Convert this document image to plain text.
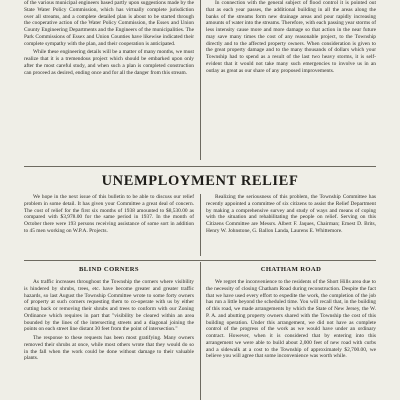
of the various municipal engineers based partly upon suggestions made by the State Water Policy Commission, which has virtually complete jurisdiction over all streams, and a complete detailed plan is about to be started through the cooperative action of the Water Policy Commission, the Essex and Union County Engineering Departments and the Engineers of the municipalities. The Park Commissions of Essex and Union Counties have likewise indicated their complete sympathy with the plan, and their cooperation is anticipated.

While these engineering details will be a matter of many months, we must realize that it is a tremendous project which should be embarked upon only after the most careful study, and when such a plan is completed construction can proceed as desired, ending once and for all the danger from this stream.

In connection with the general subject of flood control it is pointed out that as each year passes, the additional building in all the areas along the banks of the streams form new drainage areas and pour rapidly increasing amounts of water into the streams. Therefore, with each passing year storms of less intensity cause more and more damage so that action in the near future may save many times the cost of any reasonable project, to the Township directly and to the affected property owners. When consideration is given to the great property damage and to the many thousands of dollars which your Township had to spend as a result of the last two heavy storms, it is self-evident that it would not take many such emergencies to involve us in an outlay as great as our share of any proposed improvements.

UNEMPLOYMENT RELIEF

We hope in the next issue of this bulletin to be able to discuss our relief problem in some detail. It has given your Committee a great deal of concern. The cost of relief for the first six months of 1938 amounted to $8,530.00 as compared with $3,978.00 for the same period in 1937. In the month of October there were 193 persons receiving assistance of some sort in addition to 45 men working on W.P.A. Projects.

Realizing the seriousness of this problem, the Township Committee has recently appointed a committee of six citizens to assist the Relief Department by making a comprehensive survey and study of ways and means of coping with the situation and rehabilitating the people on relief. Serving on this Citizens Committee are Messrs. Albert F. Jaques, Chairman; Ernest D. Brits, Henry W. Johnstone, G. Ballon Landa, Laurens E. Whittemore.

BLIND CORNERS

As traffic increases throughout the Township the corners where visibility is hindered by shrubs, trees, etc. have become greater and greater traffic hazards, so last August the Township Committee wrote to some forty owners of property at such corners requesting them to co-operate with us by either cutting back or removing their shrubs and trees to conform with our Zoning Ordinance which requires in part that "visibility be cleared within an area bounded by the lines of the intersecting streets and a diagonal joining the points on each street line distant 30 feet from the point of intersection."

The response to these requests has been most gratifying. Many owners removed their shrubs at once, while most others wrote that they would do so in the fall when the work could be done without damage to their valuable plants.

CHATHAM ROAD

We regret the inconvenience to the residents of the Short Hills area due to the necessity of closing Chatham Road during reconstruction. Despite the fact that we have used every effort to expedite the work, the completion of the job has run a little beyond the scheduled time. You will recall that, in the building of this road, we made arrangements by which the State of New Jersey, the W. P. A. and abutting property owners shared with the Township the cost of this building operation. Under this arrangement, we did not have as complete control of the progress of the work as we would have under an ordinary contract. However, when it is considered that by entering into this arrangement we were able to build about 2,000 feet of new road with curbs and a sidewalk at a cost to the Township of approximately $2,700.00, we believe you will agree that some inconvenience was worth while.
